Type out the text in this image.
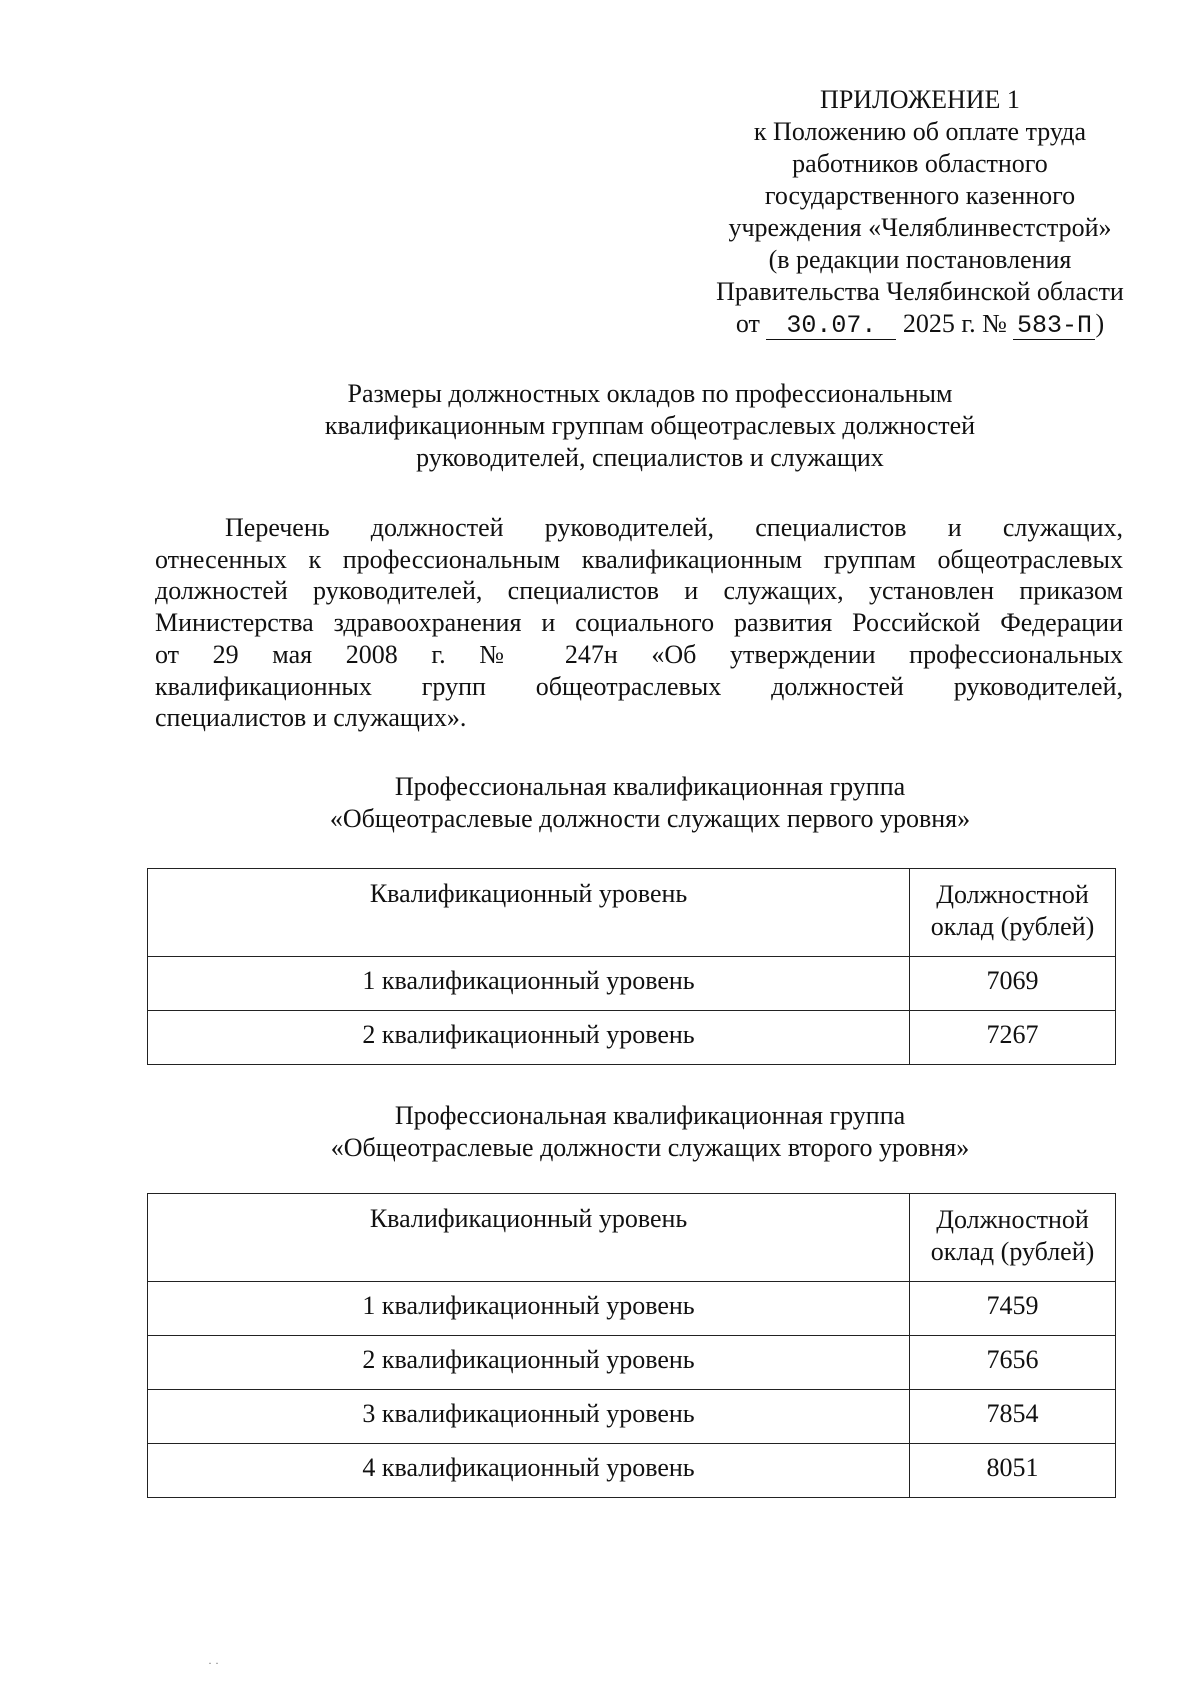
ПРИЛОЖЕНИЕ 1
к Положению об оплате труда
работников областного
государственного казенного
учреждения «Челяблинвестстрой»
(в редакции постановления
Правительства Челябинской области
от 30.07. 2025 г. № 583-П )
Размеры должностных окладов по профессиональным
квалификационным группам общеотраслевых должностей
руководителей, специалистов и служащих
Перечень должностей руководителей, специалистов и служащих,
отнесенных к профессиональным квалификационным группам общеотраслевых
должностей руководителей, специалистов и служащих, установлен приказом
Министерства здравоохранения и социального развития Российской Федерации
от 29 мая 2008 г. № 247н «Об утверждении профессиональных
квалификационных групп общеотраслевых должностей руководителей,
специалистов и служащих».
Профессиональная квалификационная группа
«Общеотраслевые должности служащих первого уровня»
Квалификационный уровень	Должностной
оклад (рублей)
1 квалификационный уровень	7069
2 квалификационный уровень	7267
Профессиональная квалификационная группа
«Общеотраслевые должности служащих второго уровня»
Квалификационный уровень	Должностной
оклад (рублей)
1 квалификационный уровень	7459
2 квалификационный уровень	7656
3 квалификационный уровень	7854
4 квалификационный уровень	8051
· ·
